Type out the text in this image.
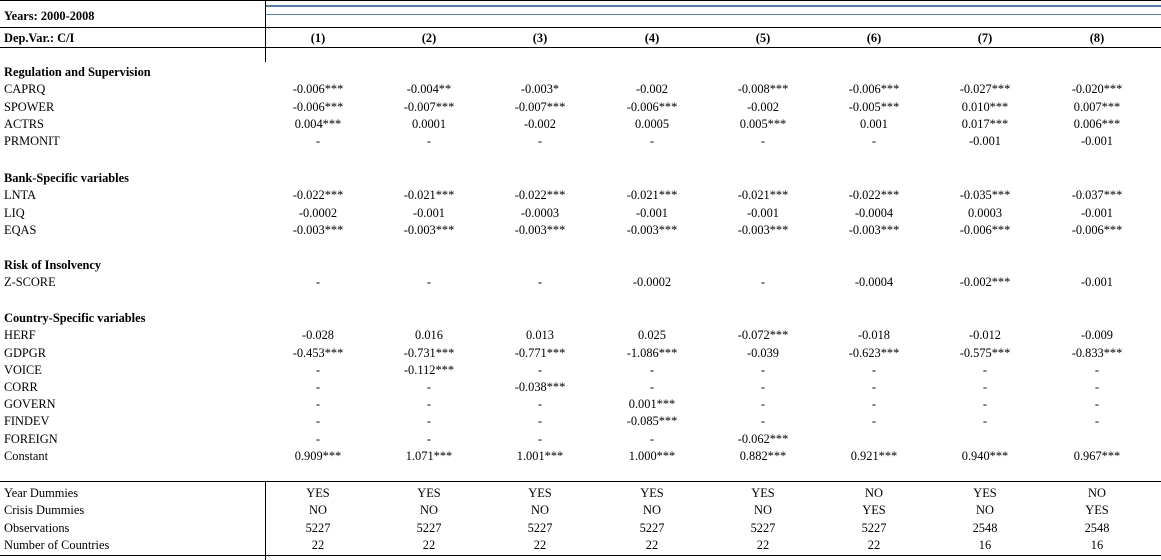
Years: 2000-2008
Dep.Var.: C/I	(1)	(2)	(3)	(4)	(5)	(6)	(7)	(8)
Regulation and Supervision
CAPRQ	-0.006***	-0.004**	-0.003*	-0.002	-0.008***	-0.006***	-0.027***	-0.020***
SPOWER	-0.006***	-0.007***	-0.007***	-0.006***	-0.002	-0.005***	0.010***	0.007***
ACTRS	0.004***	0.0001	-0.002	0.0005	0.005***	0.001	0.017***	0.006***
PRMONIT	-	-	-	-	-	-	-0.001	-0.001
Bank-Specific variables
LNTA	-0.022***	-0.021***	-0.022***	-0.021***	-0.021***	-0.022***	-0.035***	-0.037***
LIQ	-0.0002	-0.001	-0.0003	-0.001	-0.001	-0.0004	0.0003	-0.001
EQAS	-0.003***	-0.003***	-0.003***	-0.003***	-0.003***	-0.003***	-0.006***	-0.006***
Risk of Insolvency
Z-SCORE	-	-	-	-0.0002	-	-0.0004	-0.002***	-0.001
Country-Specific variables
HERF	-0.028	0.016	0.013	0.025	-0.072***	-0.018	-0.012	-0.009
GDPGR	-0.453***	-0.731***	-0.771***	-1.086***	-0.039	-0.623***	-0.575***	-0.833***
VOICE	-	-0.112***	-	-	-	-	-	-
CORR	-	-	-0.038***	-	-	-	-	-
GOVERN	-	-	-	0.001***	-	-	-	-
FINDEV	-	-	-	-0.085***	-	-	-	-
FOREIGN	-	-	-	-	-0.062***
Constant	0.909***	1.071***	1.001***	1.000***	0.882***	0.921***	0.940***	0.967***
Year Dummies	YES	YES	YES	YES	YES	NO	YES	NO
Crisis Dummies	NO	NO	NO	NO	NO	YES	NO	YES
Observations	5227	5227	5227	5227	5227	5227	2548	2548
Number of Countries	22	22	22	22	22	22	16	16
